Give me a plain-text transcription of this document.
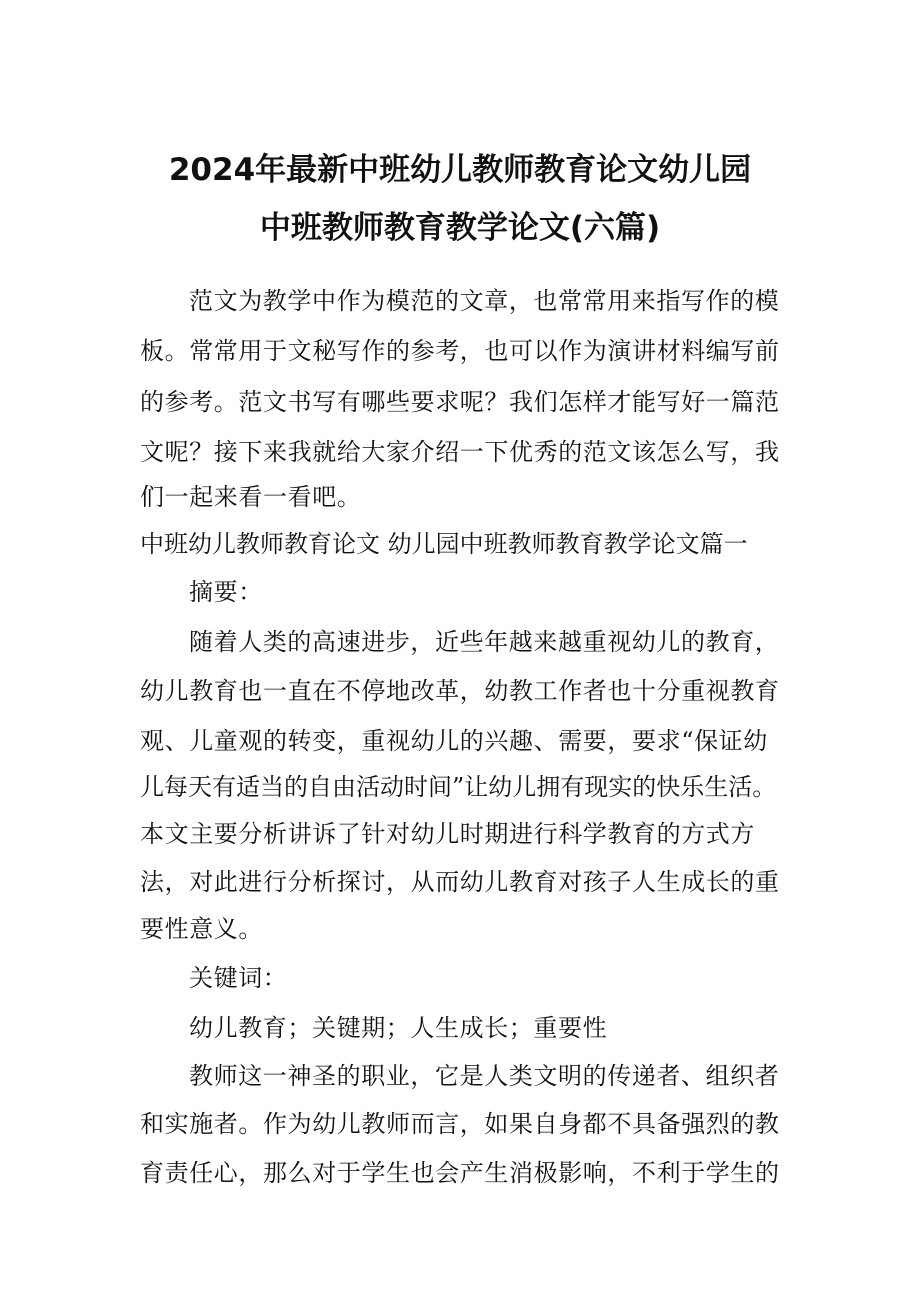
2024年最新中班幼儿教师教育论文幼儿园
中班教师教育教学论文(六篇)
范文为教学中作为模范的文章，也常常用来指写作的模
板。常常用于文秘写作的参考，也可以作为演讲材料编写前
的参考。范文书写有哪些要求呢？我们怎样才能写好一篇范
文呢？接下来我就给大家介绍一下优秀的范文该怎么写，我
们一起来看一看吧。
中班幼儿教师教育论文 幼儿园中班教师教育教学论文篇一
摘要：
随着人类的高速进步，近些年越来越重视幼儿的教育，
幼儿教育也一直在不停地改革，幼教工作者也十分重视教育
观、儿童观的转变，重视幼儿的兴趣、需要，要求“保证幼
儿每天有适当的自由活动时间”让幼儿拥有现实的快乐生活。
本文主要分析讲诉了针对幼儿时期进行科学教育的方式方
法，对此进行分析探讨，从而幼儿教育对孩子人生成长的重
要性意义。
关键词：
幼儿教育；关键期；人生成长；重要性
教师这一神圣的职业，它是人类文明的传递者、组织者
和实施者。作为幼儿教师而言，如果自身都不具备强烈的教
育责任心，那么对于学生也会产生消极影响，不利于学生的
